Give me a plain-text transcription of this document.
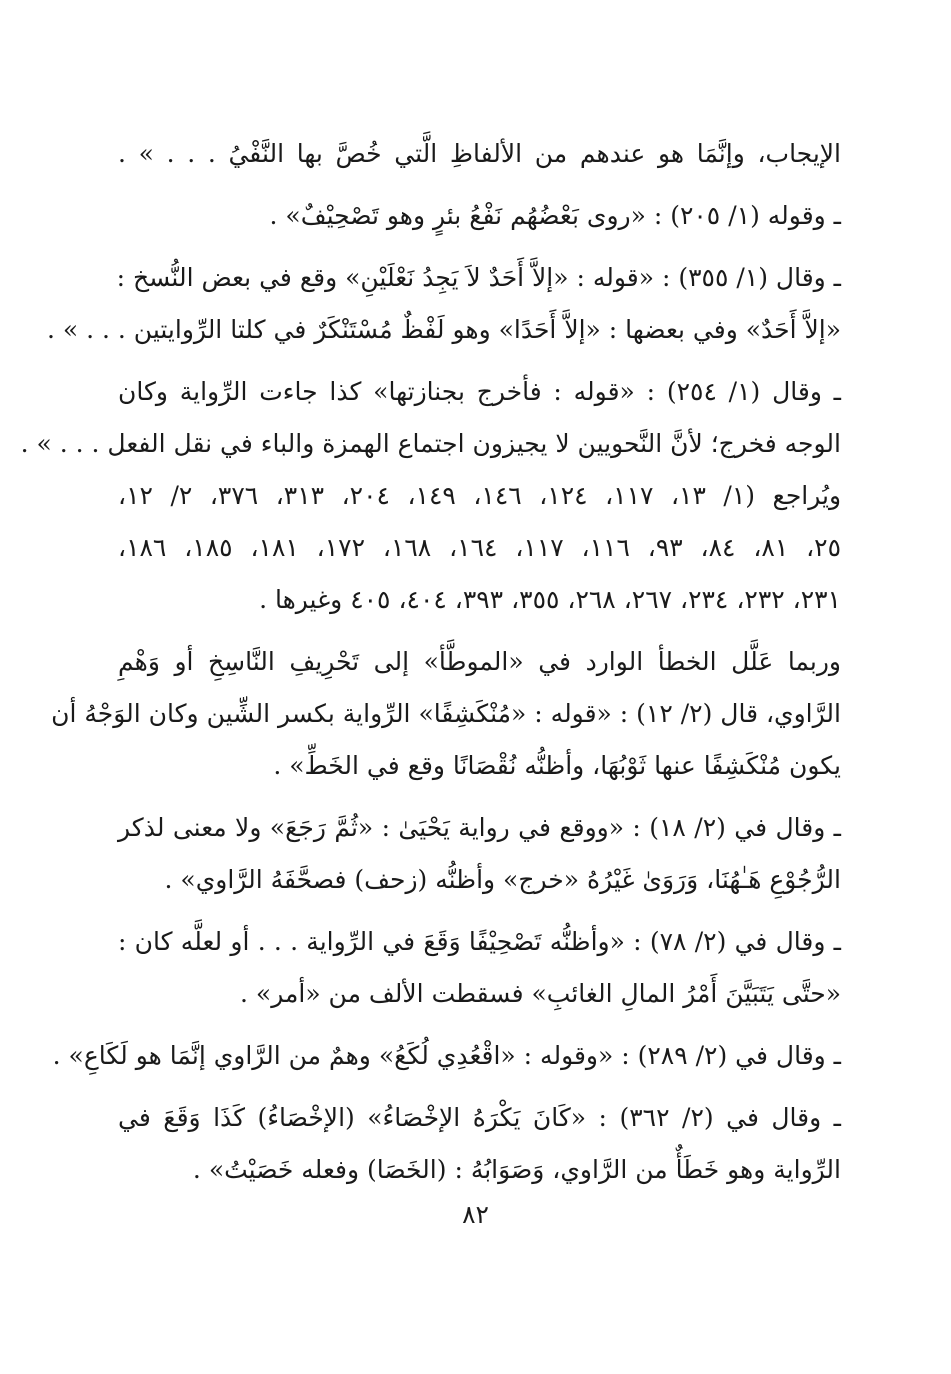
الإيجاب، وإنَّمَا هو عندهم من الألفاظِ الَّتي خُصَّ بها النَّفْيُ . . . » .
ـ وقوله (١/ ٢٠٥) : «روى بَعْضُهُم نَفْعُ بئرٍ وهو تَصْحِيْفٌ» .
ـ وقال (١/ ٣٥٥) : «قوله : «إلاَّ أَحَدٌ لاَ يَجِدُ نَعْلَيْنِ» وقع في بعض النُّسخ :
«إلاَّ أَحَدٌ» وفي بعضها : «إلاَّ أَحَدًا» وهو لَفْظٌ مُسْتَنْكَرٌ في كلتا الرِّوايتين . . . » .
ـ وقال (١/ ٢٥٤) : «قوله : فأخرج بجنازتها» كذا جاءت الرِّواية وكان
الوجه فخرج؛ لأنَّ النَّحويين لا يجيزون اجتماع الهمزة والباء في نقل الفعل . . . » .
ويُراجع (١/ ١٣، ١١٧، ١٢٤، ١٤٦، ١٤٩، ٢٠٤، ٣١٣، ٣٧٦، ٢/ ١٢،
٢٥، ٨١، ٨٤، ٩٣، ١١٦، ١١٧، ١٦٤، ١٦٨، ١٧٢، ١٨١، ١٨٥، ١٨٦،
٢٣١، ٢٣٢، ٢٣٤، ٢٦٧، ٢٦٨، ٣٥٥، ٣٩٣، ٤٠٤، ٤٠٥ وغيرها .
وربما عَلَّل الخطأ الوارد في «الموطَّأ» إلى تَحْرِيفِ النَّاسِخِ أو وَهْمِ
الرَّاوي، قال (٢/ ١٢) : «قوله : «مُنْكَشِفًا» الرِّواية بكسر الشِّين وكان الوَجْهُ أن
يكون مُنْكَشِفًا عنها ثَوْبُهَا، وأظنُّه نُقْصَانًا وقع في الخَطِّ» .
ـ وقال في (٢/ ١٨) : «ووقع في رواية يَحْيَىٰ : «ثُمَّ رَجَعَ» ولا معنى لذكر
الرُّجُوْعِ هَـٰهُنَا، وَرَوَىٰ غَيْرُهُ «خرج» وأظنُّه (زحف) فصحَّفَهُ الرَّاوي» .
ـ وقال في (٢/ ٧٨) : «وأظنُّه تَصْحِيْفًا وَقَعَ في الرِّواية . . . أو لعلَّه كان :
«حتَّى يَتَبَيَّنَ أَمْرُ المالِ الغائبِ» فسقطت الألف من «أمر» .
ـ وقال في (٢/ ٢٨٩) : «وقوله : «اقْعُدِي لُكَعُ» وهمٌ من الرَّاوي إنَّمَا هو لَكَاعِ» .
ـ وقال في (٢/ ٣٦٢) : «كَانَ يَكْرَهُ الإخْصَاءُ» (الإخْصَاءُ) كَذَا وَقَعَ في
الرِّواية وهو خَطَأٌ من الرَّاوي، وَصَوَابُهُ : (الخَصَا) وفعله خَصَيْتُ» .
٨٢
